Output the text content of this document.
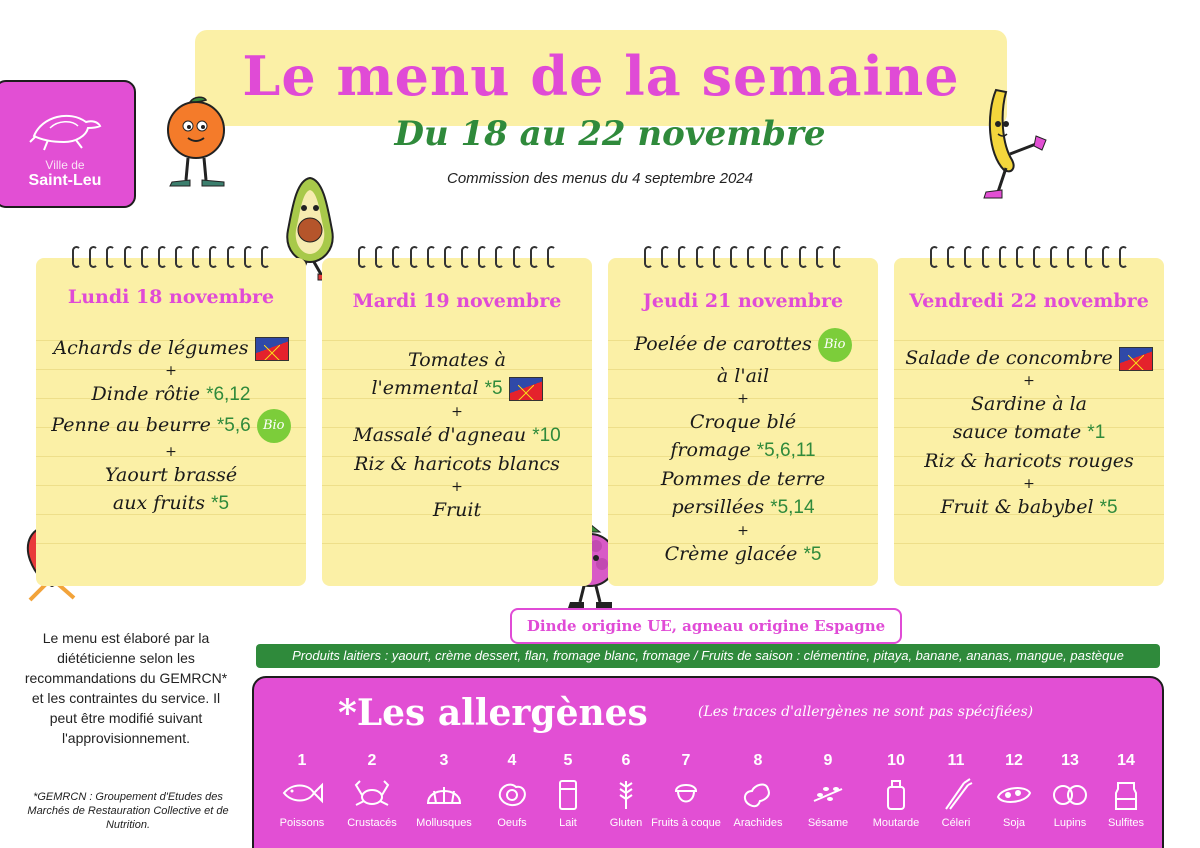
Le menu de la semaine
Du 18 au 22 novembre
Commission des menus du 4 septembre 2024
Ville de
Saint-Leu
Lundi 18 novembre
Achards de légumes
+
Dinde rôtie *6,12
Penne au beurre *5,6 Bio
+
Yaourt brassé
aux fruits *5
Mardi 19 novembre
Tomates à
l'emmental *5
+
Massalé d'agneau *10
Riz & haricots blancs
+
Fruit
Jeudi 21 novembre
Poelée de carottes Bio
à l'ail
+
Croque blé
fromage *5,6,11
Pommes de terre
persillées *5,14
+
Crème glacée *5
Vendredi 22 novembre
Salade de concombre
+
Sardine à la
sauce tomate *1
Riz & haricots rouges
+
Fruit & babybel *5
Dinde origine UE, agneau origine Espagne
Produits laitiers : yaourt, crème dessert, flan, fromage blanc, fromage / Fruits de saison : clémentine, pitaya, banane, ananas, mangue, pastèque
Le menu est élaboré par la diététicienne selon les recommandations du GEMRCN* et les contraintes du service. Il peut être modifié suivant l'approvisionnement.
*GEMRCN : Groupement d'Etudes des Marchés de Restauration Collective et de Nutrition.
*Les allergènes	(Les traces d'allergènes ne sont pas spécifiées)
1
Poissons
2
Crustacés
3
Mollusques
4
Oeufs
5
Lait
6
Gluten
7
Fruits à coque
8
Arachides
9
Sésame
10
Moutarde
11
Céleri
12
Soja
13
Lupins
14
Sulfites
